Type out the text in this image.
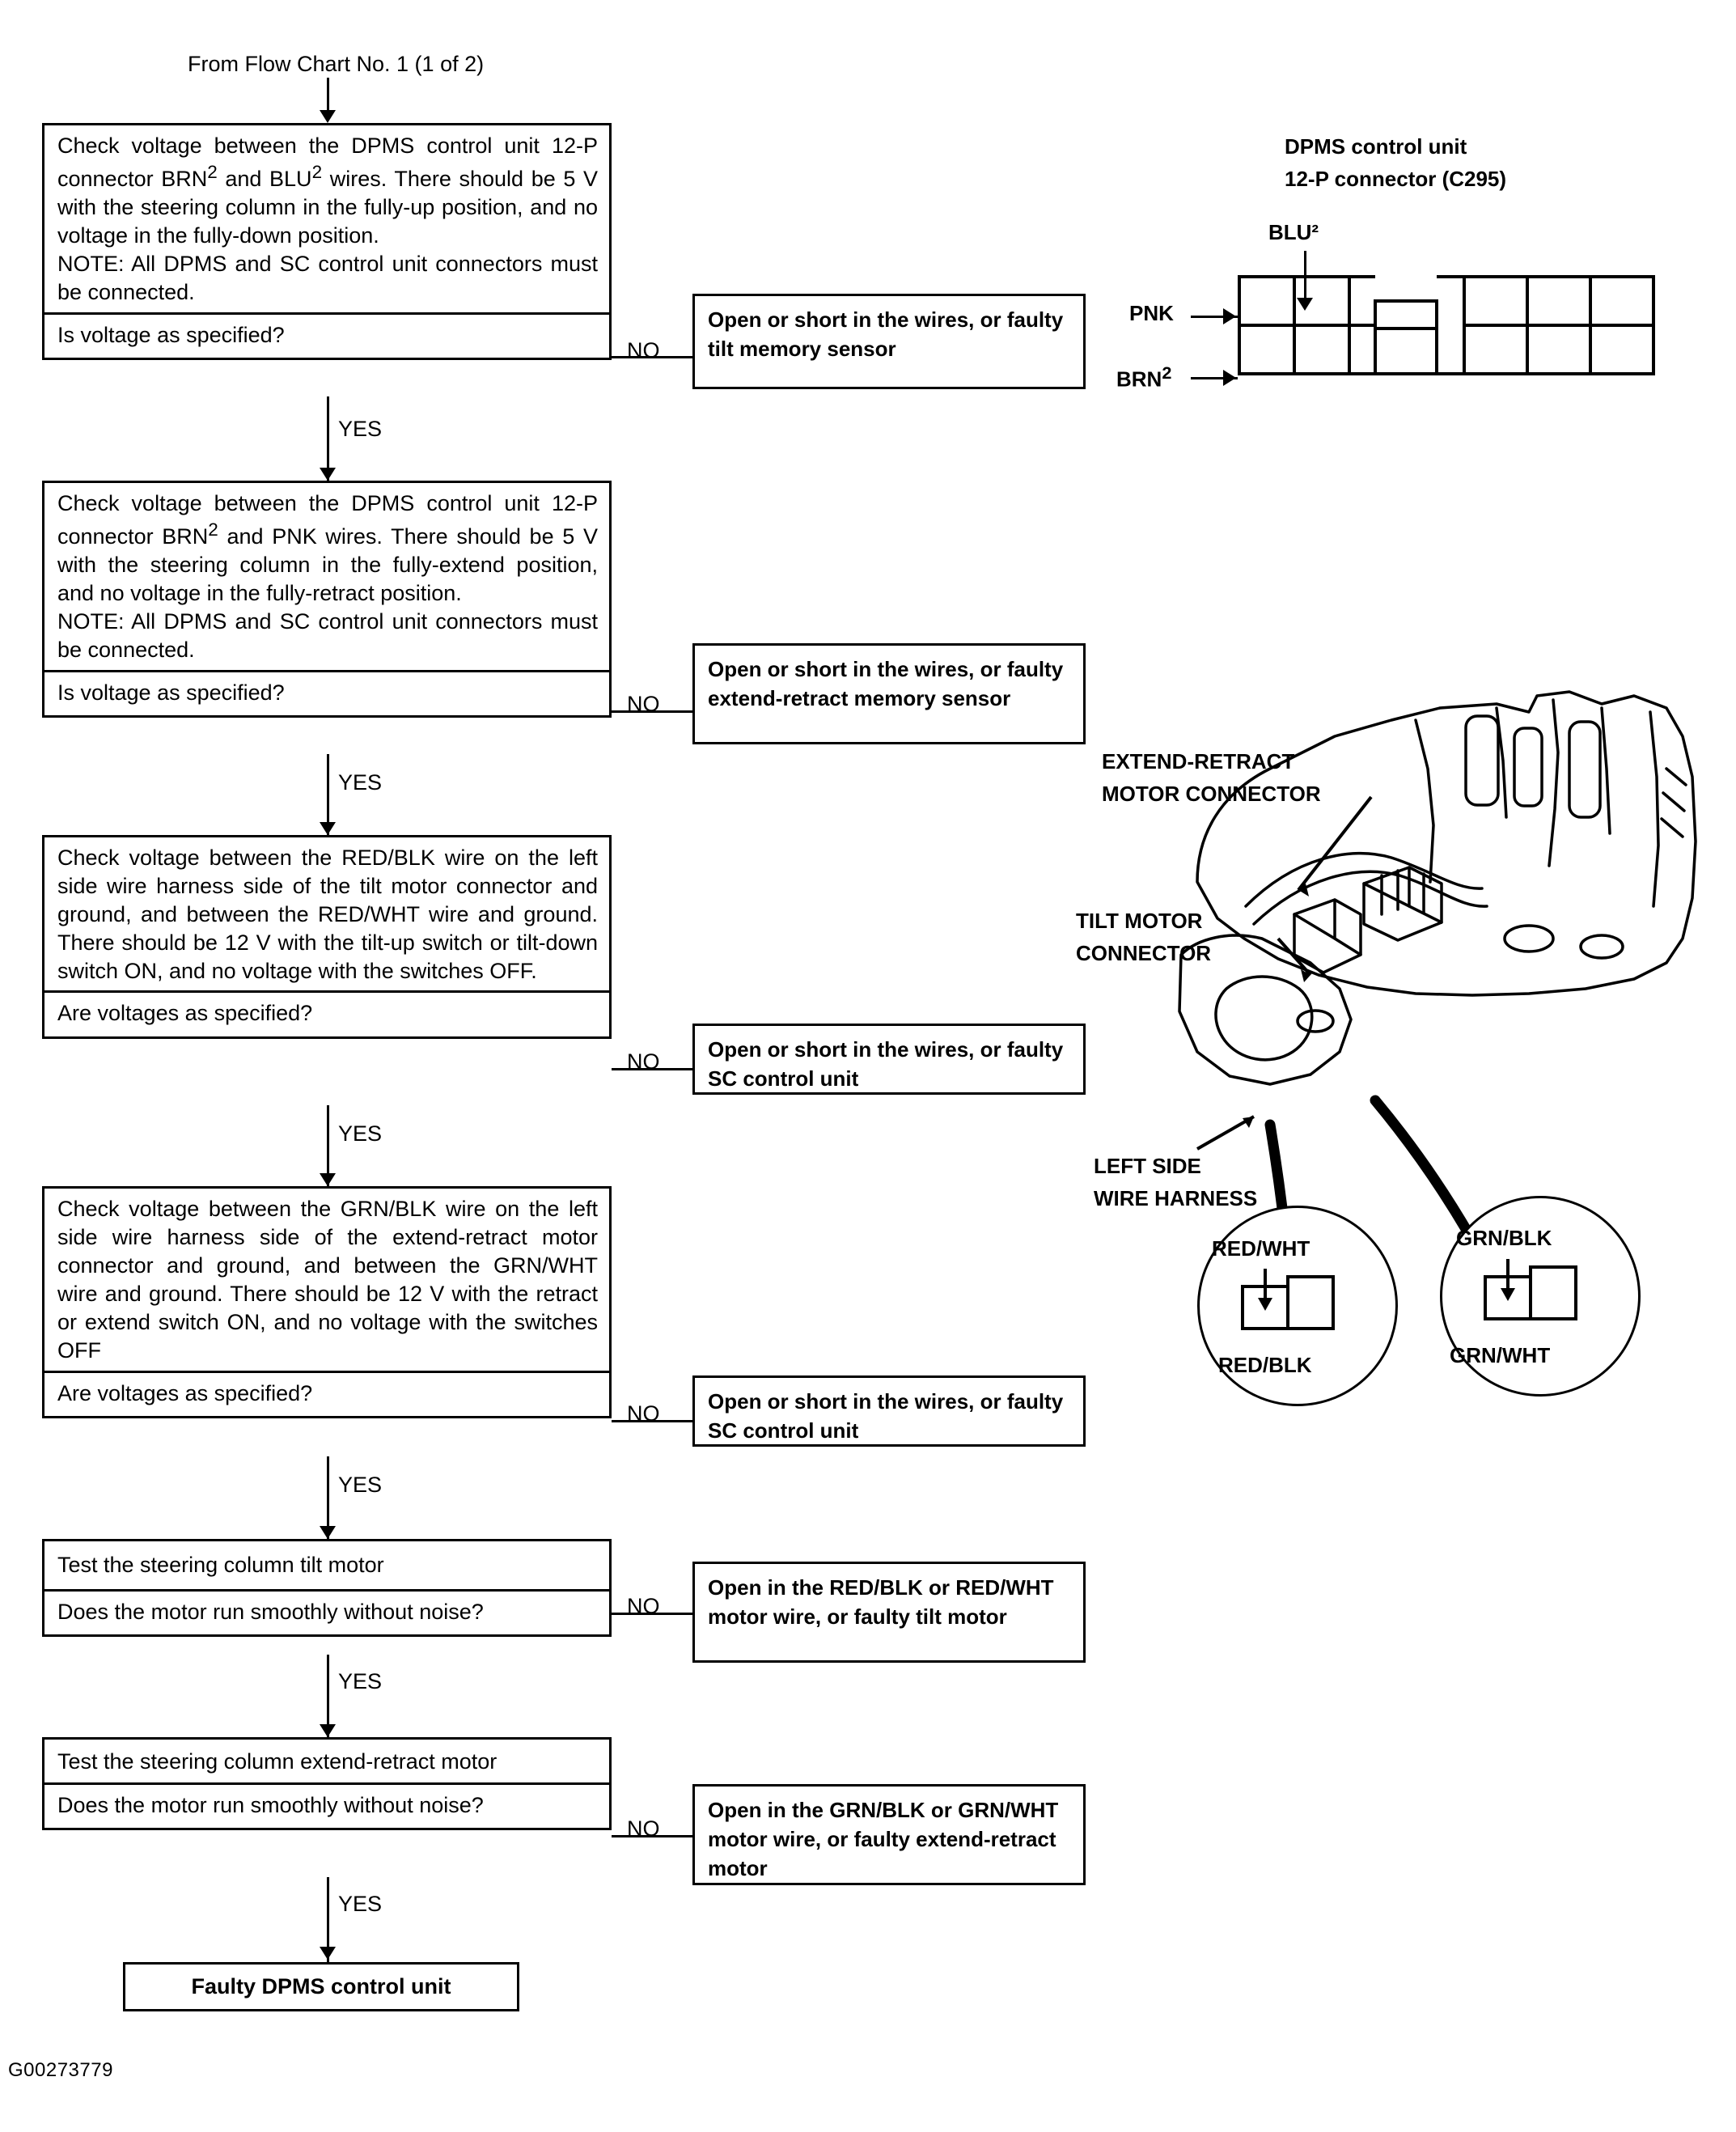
From Flow Chart No. 1 (1 of 2)
Check voltage between the DPMS control unit 12-P connector BRN$^2$ and BLU$^2$ wires. There should be 5 V with the steering column in the fully-up position, and no voltage in the fully-down position.
NOTE: All DPMS and SC control unit connectors must be connected.
Is voltage as specified?
NO
Open or short in the wires, or faulty tilt memory sensor
YES
Check voltage between the DPMS control unit 12-P connector BRN$^2$ and PNK wires. There should be 5 V with the steering column in the fully-extend position, and no voltage in the fully-retract position.
NOTE: All DPMS and SC control unit connectors must be connected.
Is voltage as specified?	NO
Open or short in the wires, or faulty extend-retract memory sensor
YES
Check voltage between the RED/BLK wire on the left side wire harness side of the tilt motor connector and ground, and between the RED/WHT wire and ground. There should be 12 V with the tilt-up switch or tilt-down switch ON, and no voltage with the switches OFF.
Are voltages as specified?
NO	Open or short in the wires, or faulty SC control unit
YES
Check voltage between the GRN/BLK wire on the left side wire harness side of the extend-retract motor connector and ground, and between the GRN/WHT wire and ground. There should be 12 V with the retract or extend switch ON, and no voltage with the switches OFF
Are voltages as specified?
NO	Open or short in the wires, or faulty SC control unit
YES
Test the steering column tilt motor
Does the motor run smoothly without noise?	NO
Open in the RED/BLK or RED/WHT motor wire, or faulty tilt motor
YES
Test the steering column extend-retract motor
Does the motor run smoothly without noise?
NO
Open in the GRN/BLK or GRN/WHT motor wire, or faulty extend-retract motor
YES
Faulty DPMS control unit
G00273779
DPMS control unit
12-P connector (C295)
BLU²
PNK
BRN$^2$
EXTEND-RETRACT
MOTOR CONNECTOR
TILT MOTOR
CONNECTOR
LEFT SIDE
WIRE HARNESS
RED/WHT
RED/BLK
GRN/BLK
GRN/WHT
